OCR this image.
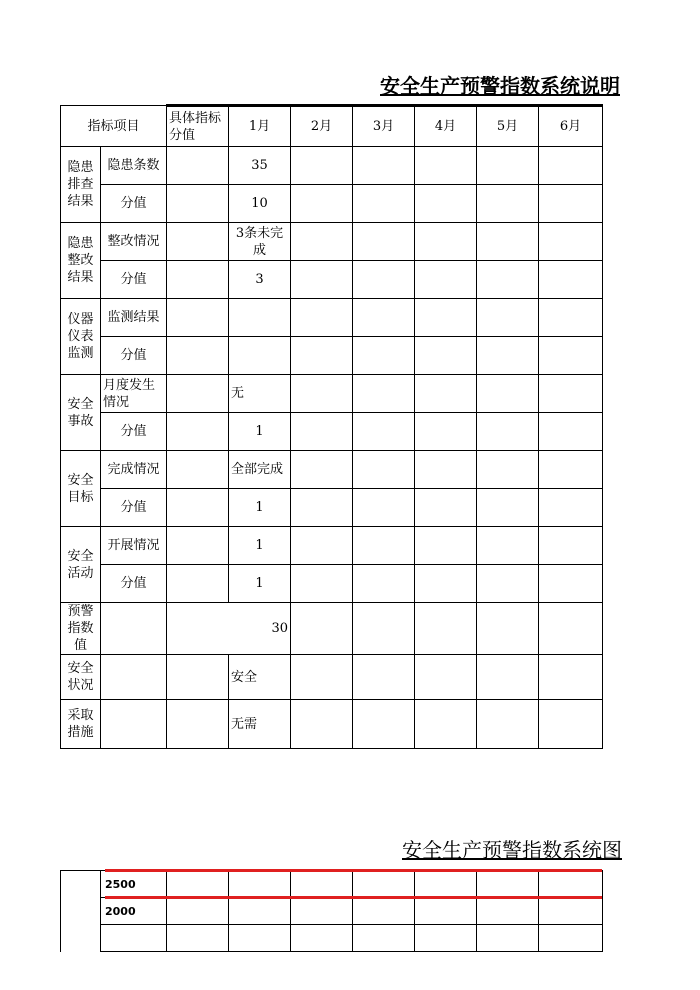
安全生产预警指数系统说明
指标项目		具体指标分值	1月	2月	3月	4月	5月	6月
隐患排查结果	隐患条数		35					
	分值		10					
隐患整改结果	整改情况		3条未完成					
	分值		3					
仪器仪表监测	监测结果							
	分值							
安全事故	月度发生情况		无					
	分值		1					
安全目标	完成情况		全部完成					
	分值		1					
安全活动	开展情况		1					
	分值		1					
预警指数值		30						
安全状况			安全					
采取措施			无需					
安全生产预警指数系统图
	2500							
	2000							
